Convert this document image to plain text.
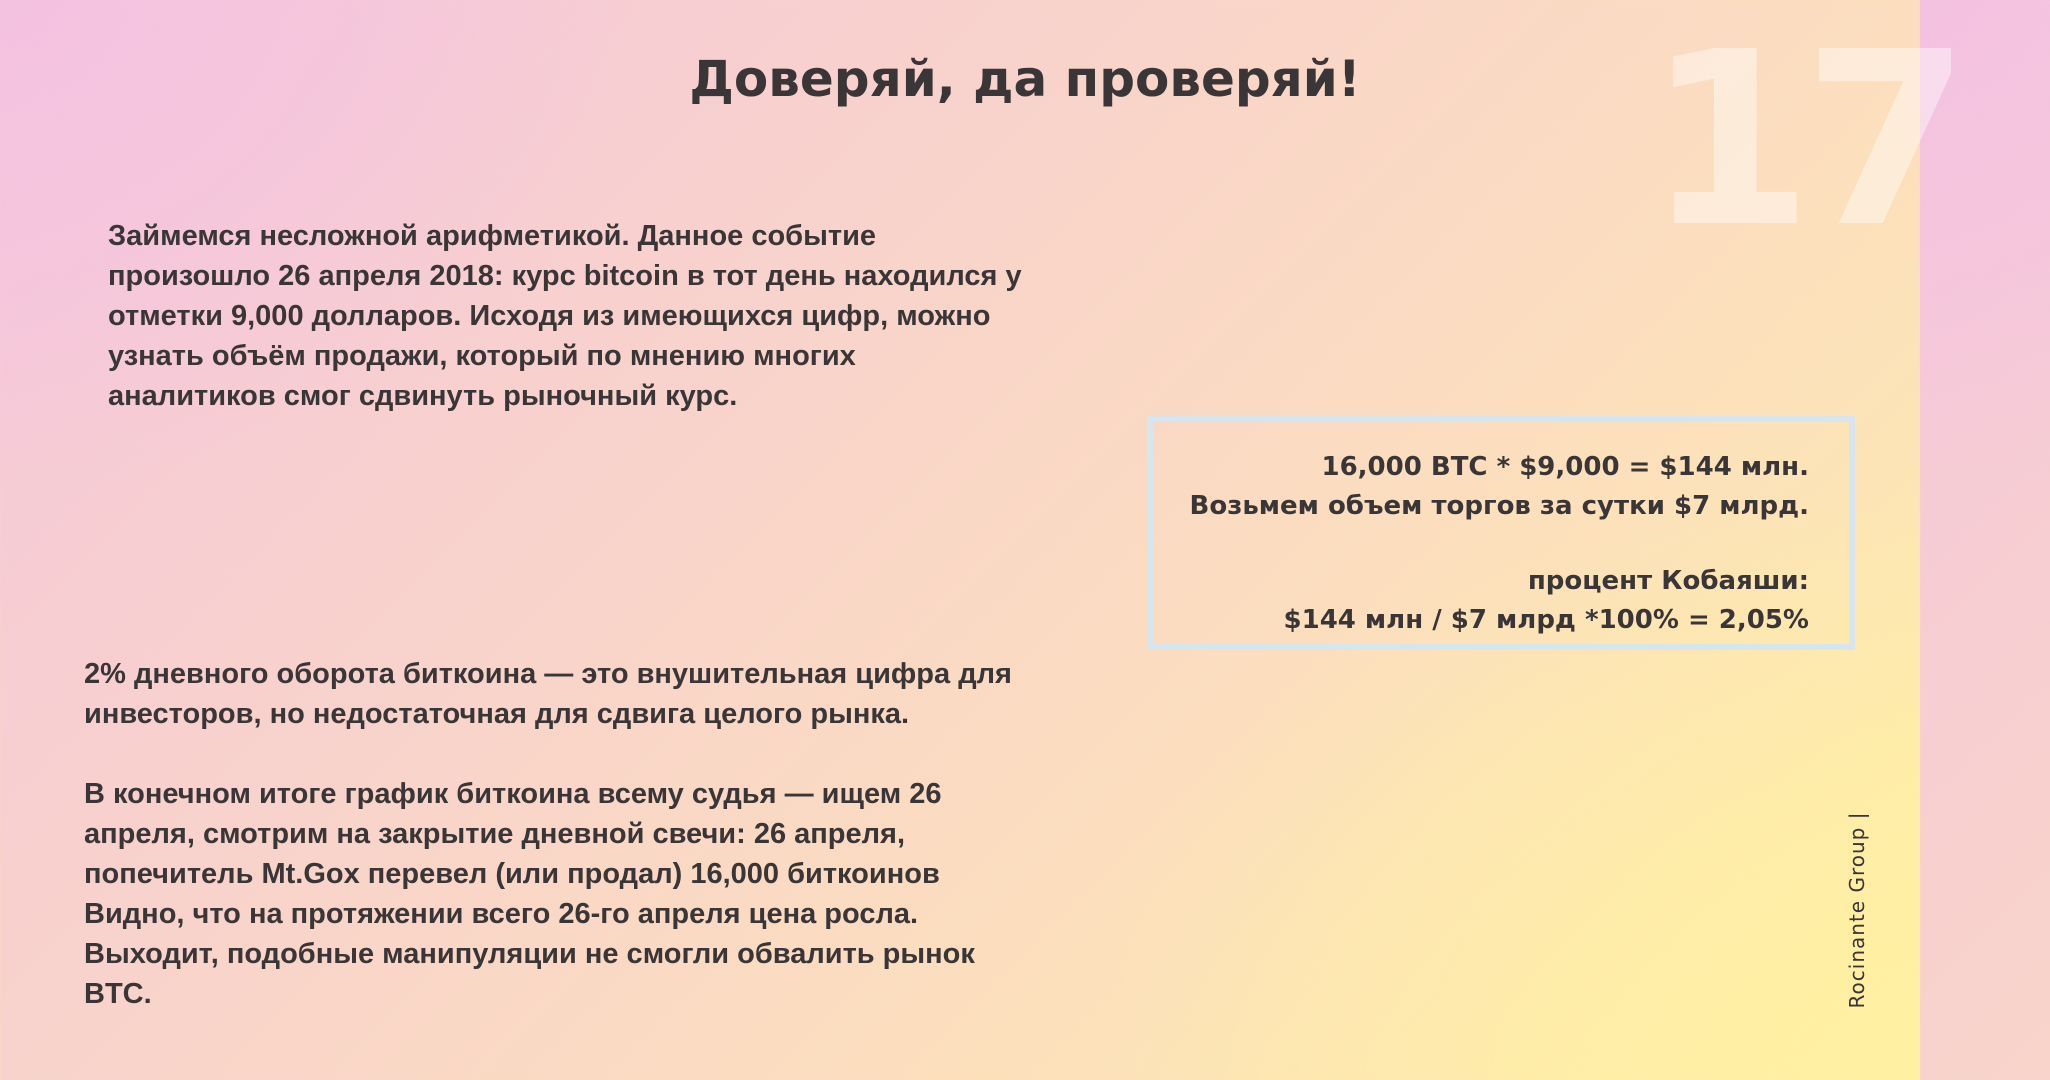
17
Доверяй, да проверяй!

Займемся несложной арифметикой. Данное событие произошло 26 апреля 2018: курс bitcoin в тот день находился у отметки 9,000 долларов. Исходя из имеющихся цифр, можно узнать объём продажи, который по мнению многих аналитиков смог сдвинуть рыночный курс.

16,000 BTC * $9,000 = $144 млн.
Возьмем объем торгов за сутки $7 млрд.
процент Кобаяши:
$144 млн / $7 млрд *100% = 2,05%

2% дневного оборота биткоина — это внушительная цифра для инвесторов, но недостаточная для сдвига целого рынка.

В конечном итоге график биткоина всему судья — ищем 26 апреля, смотрим на закрытие дневной свечи: 26 апреля, попечитель Mt.Gox перевел (или продал) 16,000 биткоинов Видно, что на протяжении всего 26-го апреля цена росла. Выходит, подобные манипуляции не смогли обвалить рынок BTC.	Rocinante Group |
